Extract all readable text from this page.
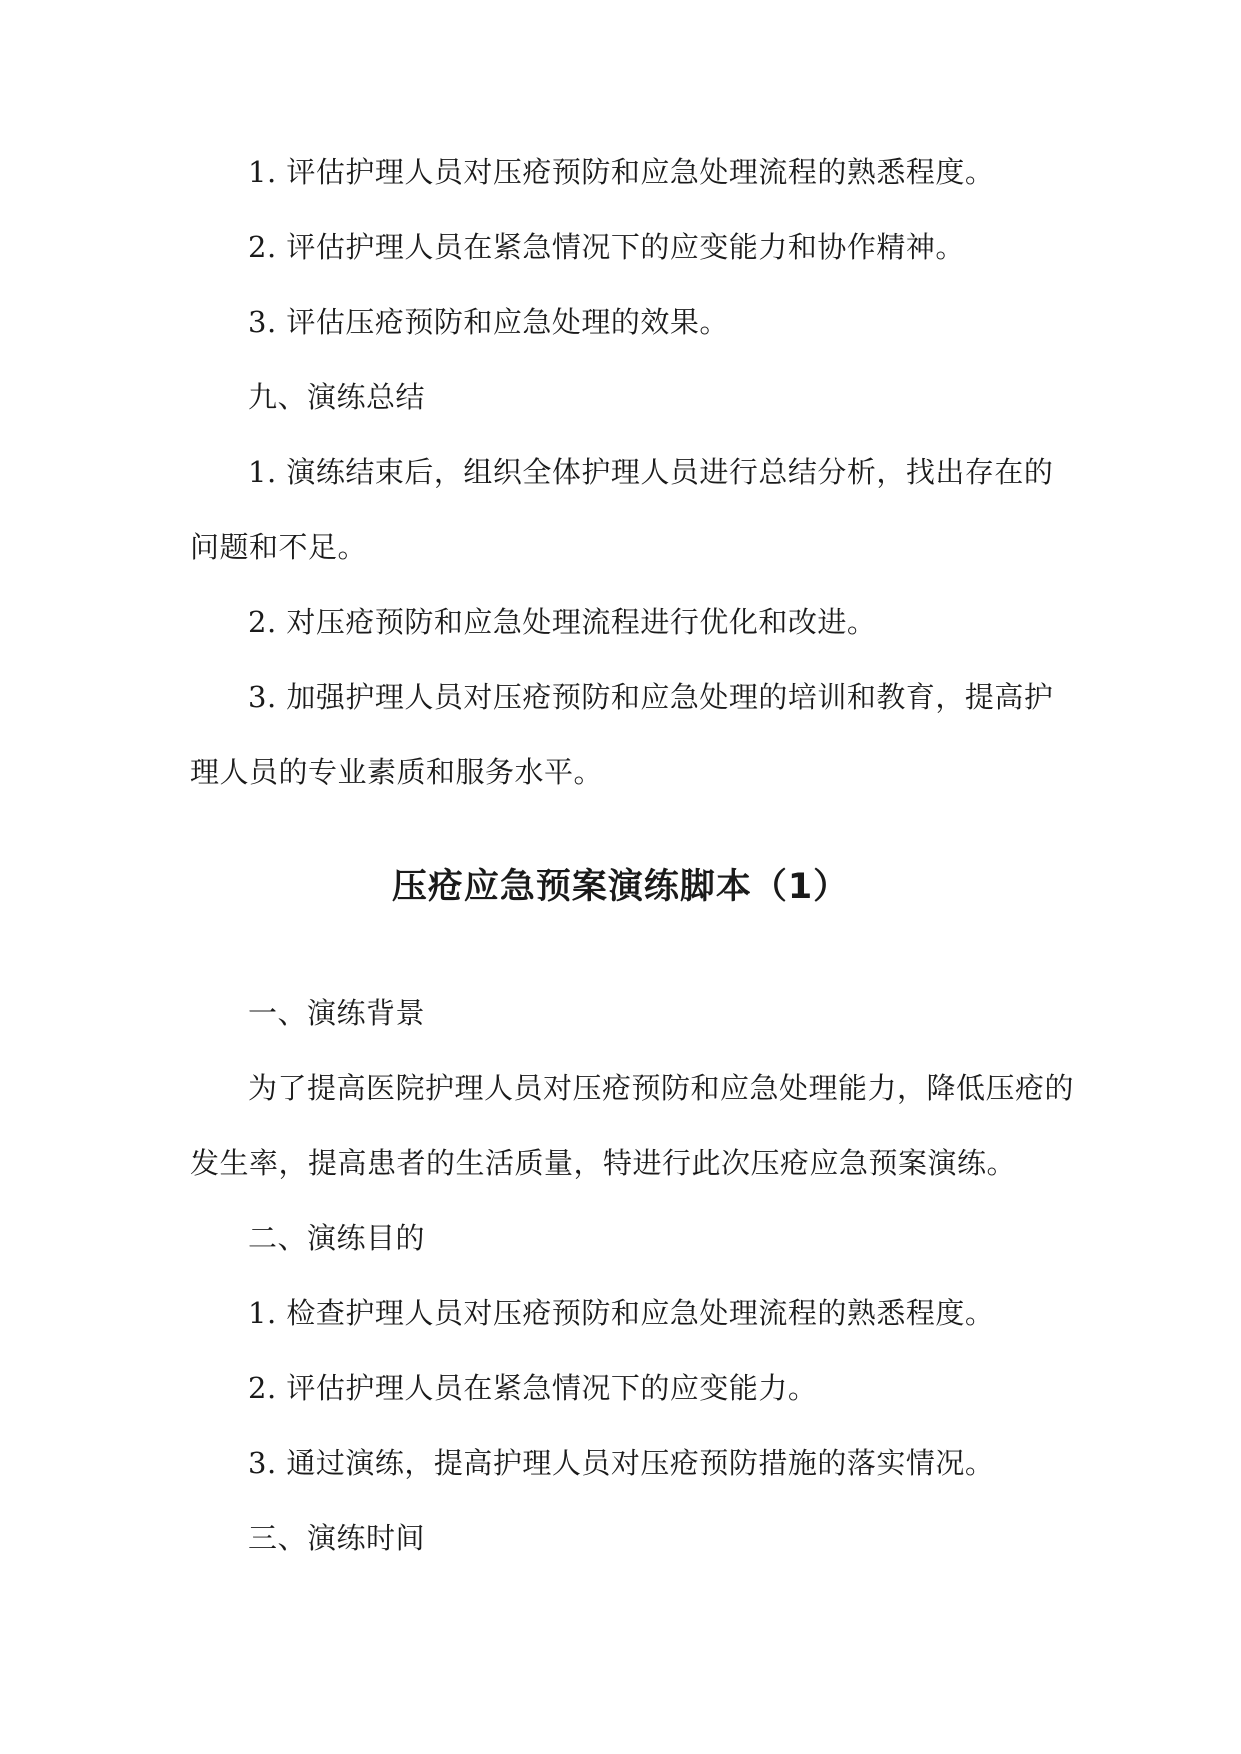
1. 评估护理人员对压疮预防和应急处理流程的熟悉程度。
2. 评估护理人员在紧急情况下的应变能力和协作精神。
3. 评估压疮预防和应急处理的效果。
九、演练总结
1. 演练结束后，组织全体护理人员进行总结分析，找出存在的
问题和不足。
2. 对压疮预防和应急处理流程进行优化和改进。
3. 加强护理人员对压疮预防和应急处理的培训和教育，提高护
理人员的专业素质和服务水平。
压疮应急预案演练脚本（1）
一、演练背景
为了提高医院护理人员对压疮预防和应急处理能力，降低压疮的
发生率，提高患者的生活质量，特进行此次压疮应急预案演练。
二、演练目的
1. 检查护理人员对压疮预防和应急处理流程的熟悉程度。
2. 评估护理人员在紧急情况下的应变能力。
3. 通过演练，提高护理人员对压疮预防措施的落实情况。
三、演练时间
